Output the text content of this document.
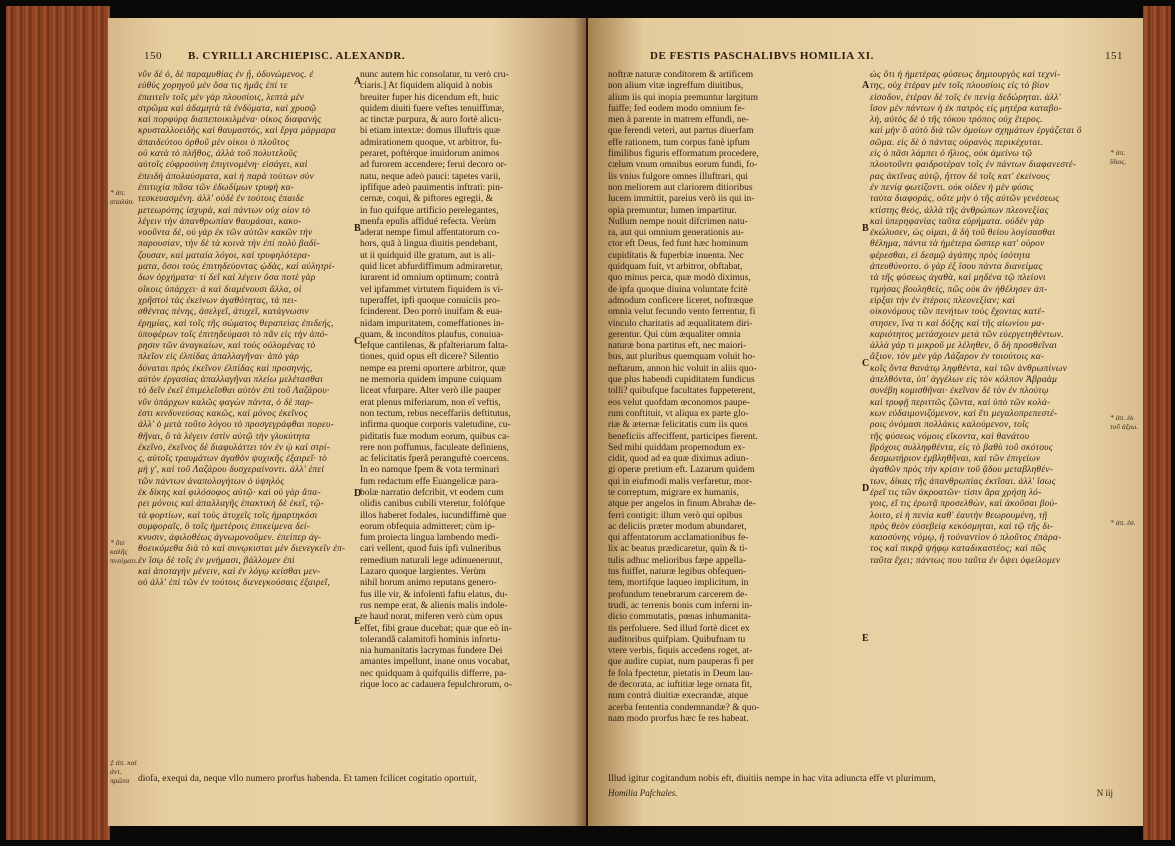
150 B. CYRILLI ARCHIEPISC. ALEXANDR.
νῦν δὲ ὁ, δὲ παραμυθίας ἐν ᾗ, ὁδυνώμενος. ἐ
εὐθὺς χορηγοῦ μὲν ὅσα τις ἡμᾶς ἐπί τε
ἐπαιτεῖν τοῖς μὲν γὰρ πλουσίοις, λεπτὰ μὲν
στρῶμα καὶ ἀδαμητὰ τὰ ἐνδύματα, καὶ χρυσῷ
καὶ πορφύρᾳ διαπεποικιλμένα· οἶκος διαφανὴς
κρυσταλλοειδὴς καὶ θαυμαστός, καὶ ἔργα μάρμαρα
ἀπαιδεύτου ὀρθοῦ μὲν οἶκοι ὁ πλοῦτος
οὐ κατὰ τὸ πλῆθος, ἀλλὰ τοῦ πολυτελοῦς
αὐτοῖς εὐφροσύνη ἐπιγινομένη· εἰσάγει, καὶ
ἐπειδὴ ἀπολαύσματα, καὶ ἡ παρὰ τούτων σὺν
ἐπιτυχία πᾶσα τῶν ἐδωδίμων τρυφὴ κα-
τεσκευασμένη. ἀλλ' οὐδὲ ἐν τούτοις ἐπαιδε
μετεωρότης ἰσχυρὰ, καὶ πάντων οὐχ οἷον τὸ
λέγειν τὴν ἀπανθρωπίαν θαυμάσαι, κακο-
νοοῦντα δὲ, οὐ γὰρ ἐκ τῶν αὐτῶν κακῶν τὴν
παρουσίαν, τὴν δὲ τὰ κοινὰ τὴν ἐπί πολὺ βαδί-
ζουσαν, καὶ ματαία λόγοι, καὶ τρυφηλότερα-
ματα, ὅσοι τοὺς ἐπιτηδεύοντας ᾠδὰς, καὶ αὐλητρί-
δων ὀρχήματα· τί δεῖ καὶ λέγειν ὅσα ποτὲ γὰρ
οἴκοις ὑπάρχει· ἀ καὶ διαμένουσι ἄλλα, οἱ
χρῆστοὶ τὰς ἐκείνων ἀγαθότητας, τὰ πει-
σθέντας πένης, ἀσελγεῖ, ἀτυχεῖ, κατάγνωσιν
ἐρημίας, καὶ τοῖς τῆς σώματος θεραπείας ἐπιδεής,
ὑποφέρων τοῖς ἐπιτηδεύμασι τὸ πᾶν εἰς τὴν ἀπό-
ρησιν τῶν ἀναγκαίων, καὶ τοὺς οὐλομένας τὸ
πλεῖον εἰς ἐλπίδας ἀπαλλαγῆναι· ἀπὸ γὰρ
δύναται πρὸς ἐκεῖνον ἐλπίδας καὶ προσηνής,
αὐτὸν ἐργασίας ἀπαλλαγῆναι πλείω μελέτασθαι
τὸ δεῖν ἐκεῖ ἐπιμελεῖσθαι αὐτὸν ἐπὶ τοῦ Λαζάρου·
νῦν ὑπάρχων καλῶς φαγὼν πάντα, ὁ δὲ παρ-
ἐστι κινδυνεύσας κακῶς, καὶ μόνος ἐκεῖνος
ἀλλ' ὁ μετὰ τοῦτο λόγου τὸ προσγεγράφθαι πορευ-
θῆναι, ὃ τὰ λέγειν ἐστὶν αὐτῷ τὴν γλυκύτητα
ἐκεῖνο, ἐκεῖνος δὲ διαφυλάττει τὸν ἐν ᾧ καὶ στρί-
ς, αὐτοῖς τραυμάτων ἀγαθὸν ψυχικῆς ἐξαιρεῖ· τὸ
μὴ γ', καὶ τοῦ Λαζάρου δυσχεραίνοντι. ἀλλ' ἐπεὶ
τῶν πάντων ἀναπολογήτων ὁ ὑψηλὸς
ἐκ δίκης καὶ φιλόσοφος αὐτῷ· καὶ οὐ γὰρ ἄπα-
ρει μόνοις καὶ ἀπαλλαγῆς ἐπακτικὴ δὲ ἐκεῖ, τῷ-
τὰ φορτίων, καὶ τοὺς ἀτυχεῖς τοῖς ἡμαρτηκόσι
συμφοραῖς, ὃ τοῖς ἡμετέροις ἐπικείμενα δεί-
κνυσιν, ἀφιλοθέως ἀγνωμονοῦμεν. ἐπείπερ ἀγ-
θοεικόμεθα διὰ τὸ καὶ συνῳκισται μὲν διενεγκεῖν ἐπ-
ἐν ἴσῳ δὲ τοῖς ἐν μνήμασι, βάλλομεν ἐπὶ
καὶ ἀποταγὴν μένειν, καὶ ἐν λόγῳ κείσθαι μεν-
οὐ ἀλλ' ἐπὶ τῶν ἐν τούτοις διενεγκούσαις ἐξαιρεῖ,
nunc autem hic consolatur, tu verò cru-
ciaris.] At fiquidem aliquid à nobis
breuiter fuper his dicendum eft, huic
quidem diuiti fuere veftes tenuiffimæ,
ac tinctæ purpura, & auro fortè alicu-
bi etiam intextæ: domus illuftris quæ
admirationem quoque, vt arbitror, fu-
peraret, poftérque inuidorum animos
ad furorem accendere; ferui decoro or-
natu, neque adeò pauci: tapetes varii,
ipfífque adeò pauimentis inftrati: pin-
cernæ, coqui, & piftores egregii, &
in fuo quifque artificio perelegantes,
menfa epulis affidué refecta. Verùm
aderat nempe fimul affentatorum co-
hors, quā à lingua diuitis pendebant,
ut ii quidquid ille gratum, aut is ali-
quid licet abfurdiffimum admiraretur,
iurarent id omnium optimum; contrà
vel ipfammet virtutem fiquidem is vi-
tuperaffet, ipfi quoque conuiciis pro-
fcinderent. Deo porrò inuifam & eua-
nidam impuritatem, comeffationes in-
quam, & incondítos plaufus, conuiua-
lefque cantilenas, & pfalteriarum falta-
tiones, quid opus eft dicere? Silentio
nempe ea premi oportere arbitror, quæ
ne memoria quidem impune cuiquam
liceat vfurpare. Alter verò ille pauper
erat plenus miferiarum, non eî veftis,
non tectum, rebus neceffariis deftitutus,
infirma quoque corporis valetudine, cu-
piditatis fuæ modum eorum, quibus ca-
rere non poffumus, faculeate definiens,
ac felicitatis fperâ peranguftè coercens.
In eo namque fpem & vota terminarì
fum redactum effe Euangelicæ para-
bolæ narratio defcribit, vt eodem cum
olidis canibus cubili vteretur, folófque
illos haberet fodales, iucundiffimè que
eorum obfequia admitteret; cùm ip-
fum proiecta lingua lambendo medi-
cari vellent, quod fuis ipfi vulneribus
remedium naturali lege adinueneruut,
Lazaro quoque largientes. Verùm
nihil horum animo reputans genero-
fus ille vir, & infolenti faftu elatus, du-
rus nempe erat, & alienis malis indole-
re haud norat, miferen verò cùm opus
effet, fibi graue ducebat; quæ que eò in-
tolerandâ calamitofi hominis infortu-
nia humanitatis lacrymas fundere Dei
amantes impellunt, inane onus vocabat,
nec quidquam à quifquilis differre, pa-
rique loco ac cadauera fepulchrorum, o-
A
B
C
D
E
* ἀπ. σπαλάσ.
* ὅτε καλῆς πνεύματι.
‡ ἀπ. καὶ ἀντ. πρῶτα diofa, exequi da, neque vllo numero prorfus habenda. Et tamen fcilicet cogitatio oportuit,
DE FESTIS PASCHALIBVS HOMILIA XI.	151
noftræ naturæ conditorem & artificem
non alium vitæ ingreffum diuitibus,
alium iis qui inopia premuntur largitum
fuiffe; fed eodem modo omnium fe-
men à parente in matrem effundi, ne-
que ferendi veteri, aut partus diuerfam
effe rationem, tum corpus fanè ipfum
fimilibus figuris efformatum procedere,
cælum vnum omnibus eorum fundi, fo-
lis vnius fulgore omnes illuftrari, qui
non meliorem aut clariorem ditioribus
lucem immittit, pareius verò iis qui in-
opia premuntur, lumen impartitur.
Nullum nempe nouit difcrimen natu-
ra, aut qui omnium generationis au-
ctor eft Deus, fed funt hæc hominum
cupiditatis & fuperbiæ inuenta. Nec
quidquam fuit, vt arbitror, obftabat,
quo minus perca, quæ modò diximus,
de ipfa quoque diuina voluntate fcitè
admodum conficere liceret, noftræque
omnia velut fecundo vento ferrentur, fi
vinculo charitatis ad æqualitatem diri-
gerentur. Qui cùm æqualiter omnia
naturæ bona partitus eft, nec maiori-
bus, aut pluribus quemquam voluit ho-
neftarum, annon hic voluit in aliis quo-
que plus habendi cupiditatem fundicus
tolli? quibufque facultates fuppeterent,
eos velut quofdam œconomos paupe-
rum conftituit, vt aliqua ex parte glo-
riæ & æternæ felicitatis cum iis quos
beneficiis affeciffent, participes fierent.
Sed mihi quiddam propemodum ex-
cidit, quod ad ea quæ diximus adiun-
gi operæ pretium eft. Lazarum quidem
qui in eiufmodi malis verfaretur, mor-
te correptum, migrare ex humanis,
atque per angelos in finum Abrahæ de-
ferri contigit: illum verò qui opibus
ac deliciis præter modum abundaret,
qui affentatorum acclamationibus fe-
lix ac beatus prædicaretur, quin & ti-
tulis adhuc melioribus fæpe appella-
tus fuiffet, naturæ legibus obfequen-
tem, mortifque laqueo implicitum, in
profundum tenebrarum carcerem de-
trudi, ac terrenis bonis cum inferni in-
dicio commutatis, pœnas inhumanita-
tis perfoluere. Sed illud fortè dicet ex
auditoribus quifpiam. Quibufnam tu
vtere verbis, fiquis accedens roget, at-
que audire cupiat, num pauperas fi per
fe fola fpectetur, pietatis in Deum lau-
de decorata, ac iuftitiæ lege ornata fit,
num contrà diuitiæ execrandæ, atque
acerba fententia condemnandæ? & quo-
nam modo prorfus hæc fe res habeat.
ὡς ὅτι ἡ ἡμετέρας φύσεως δημιουργὸς καὶ τεχνί-
της, οὐχ ἑτέραν μὲν τοῖς πλουσίοις εἰς τὸ βίον
εἰσοδον, ἑτέραν δὲ τοῖς ἐν πενίᾳ δεδώρηται. ἀλλ'
ἴσον μὲν πάντων ἡ ἐκ πατρὸς εἰς μητέρα καταβο-
λὴ, αὐτὸς δὲ ὁ τῆς τόκου τρόπος οὐχ ἕτερος.
καὶ μὴν ὃ αὐτὸ διὰ τῶν ὁμοίων σχημάτων ἐργάζεται ὃ
σῶμα. εἷς δὲ ὁ πάντας οὐρανὸς περικέχυται.
εἷς ὁ πᾶσι λάμπει ὁ ἥλιος, οὐκ ἀμείνω τῷ
πλουτοῦντι φαιδροτέραν τοῖς ἐν πάντων διαφανεστέ-
ρας ἀκτῖνας αὐτῷ, ἧττον δὲ τοῖς κατ' ἐκείνους
ἐν πενίᾳ φωτίζοντι. οὐκ οἶδεν ἡ μὲν φύσις
ταύτα διαφοράς, οὔτε μὴν ὁ τῆς αὐτῶν γενέσεως
κτίστης θεός, ἀλλὰ τῆς ἀνθρώπων πλεονεξίας
καὶ ὑπερηφανίας ταῦτα εὑρήματα. οὐδὲν γὰρ
ἐκώλυσεν, ὡς οἶμαι, ἃ δὴ τοῦ θείου λογίσασθαι
θέλημα, πάντα τὰ ἡμέτερα ὥσπερ κατ' οὖρον
φέρεσθαι, εἰ δεσμῷ ἀγάπης πρὸς ἰσότητα
ἀπευθύνοιτο. ὁ γὰρ ἐξ ἴσου πάντα διανείμας
τὰ τῆς φύσεως ἀγαθὰ, καὶ μηδένα τῷ πλείονι
τιμήσας βουληθεὶς, πῶς οὐκ ἂν ἠθέλησεν ἀπ-
είρξαι τὴν ἐν ἑτέροις πλεονεξίαν; καὶ
οἰκονόμους τῶν πενήτων τοὺς ἔχοντας κατέ-
στησεν, ἵνα τι καὶ δόξης καὶ τῆς αἰωνίου μα-
καριότητος μετάσχοιεν μετὰ τῶν εὐεργετηθέντων.
ἀλλὰ γάρ τι μικροῦ με λέληθεν, ὃ δὴ προσθεῖναι
ἄξιον. τὸν μὲν γὰρ Λάζαρον ἐν τοιούτοις κα-
κοῖς ὄντα θανάτῳ ληφθέντα, καὶ τῶν ἀνθρωπίνων
ἀπελθόντα, ὑπ' ἀγγέλων εἰς τὸν κόλπον Ἀβραὰμ
συνέβη κομισθῆναι· ἐκεῖνον δὲ τὸν ἐν πλούτῳ
καὶ τρυφῇ περιττῶς ζῶντα, καὶ ὑπὸ τῶν κολά-
κων εὐδαιμονιζόμενον, καὶ ἔτι μεγαλοπρεπεστέ-
ροις ὀνόμασι πολλάκις καλούμενον, τοῖς
τῆς φύσεως νόμοις εἴκοντα, καὶ θανάτου
βρόχοις συλληφθέντα, εἰς τὸ βαθὺ τοῦ σκότους
δεσμωτήριον ἐμβληθῆναι, καὶ τῶν ἐπιγείων
ἀγαθῶν πρὸς τὴν κρίσιν τοῦ ᾅδου μεταβληθέν-
των, δίκας τῆς ἀπανθρωπίας ἐκτῖσαι. ἀλλ' ἴσως
ἐρεῖ τις τῶν ἀκροατῶν· τίσιν ἄρα χρήσῃ λό-
γοις, εἴ τις ἐρωτᾷ προσελθὼν, καὶ ἀκοῦσαι βού-
λοιτο, εἰ ἡ πενία καθ' ἑαυτὴν θεωρουμένη, τῇ
πρὸς θεὸν εὐσεβείᾳ κεκόσμηται, καὶ τῷ τῆς δι-
καιοσύνης νόμῳ, ἢ τοὐναντίον ὁ πλοῦτος ἐπάρα-
τος καὶ πικρᾷ ψήφῳ καταδικαστέος; καὶ πῶς
ταῦτα ἔχει; πάντως που ταῦτα ἐν ὄψει ὀφείλομεν
A
B
C
D
E
* ἀπ. ἴδιος.
* ἀπ. ἐκ τοῦ ἀξιω.
* ἀπ. ἐσ.
Illud igitur cogitandum nobis eft, diuitiis nempe in hac vita adiuncta effe vt plurimum,
Homilia Pafchales.	N iij
